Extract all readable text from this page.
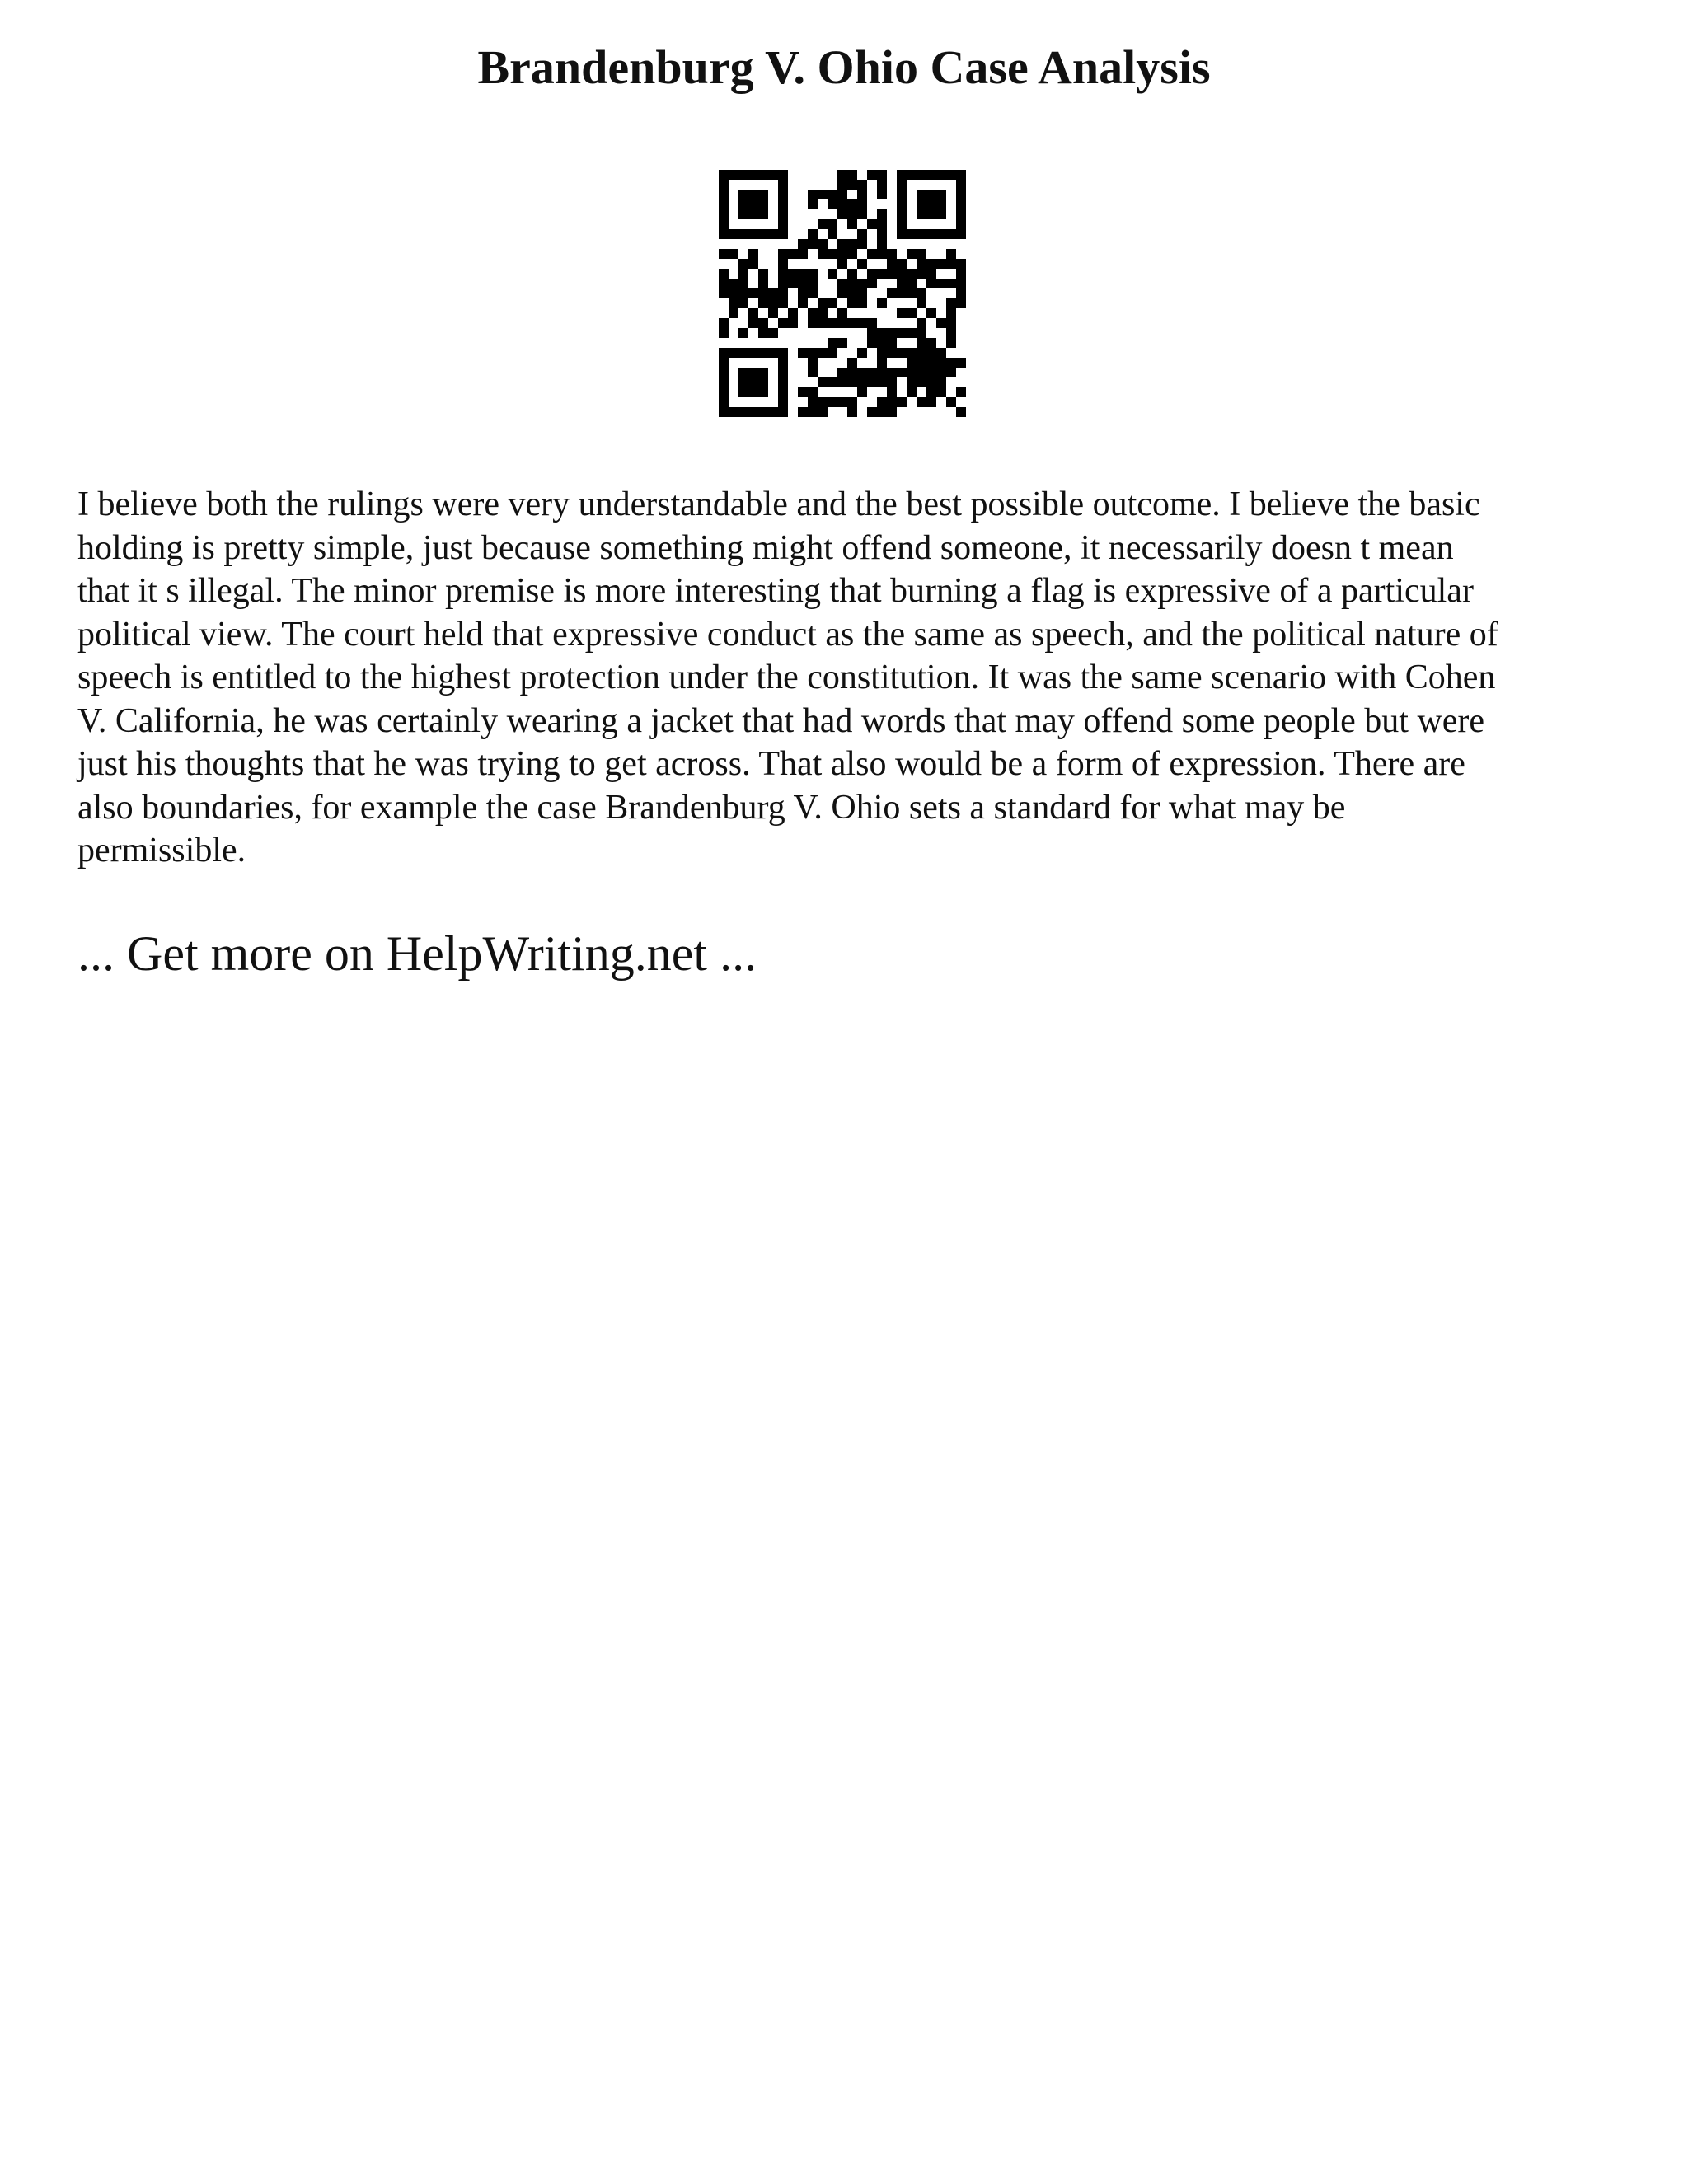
Brandenburg V. Ohio Case Analysis

I believe both the rulings were very understandable and the best possible outcome. I believe the basic
holding is pretty simple, just because something might offend someone, it necessarily doesn t mean
that it s illegal. The minor premise is more interesting that burning a flag is expressive of a particular
political view. The court held that expressive conduct as the same as speech, and the political nature of
speech is entitled to the highest protection under the constitution. It was the same scenario with Cohen
V. California, he was certainly wearing a jacket that had words that may offend some people but were
just his thoughts that he was trying to get across. That also would be a form of expression. There are
also boundaries, for example the case Brandenburg V. Ohio sets a standard for what may be
permissible.

... Get more on HelpWriting.net ...
